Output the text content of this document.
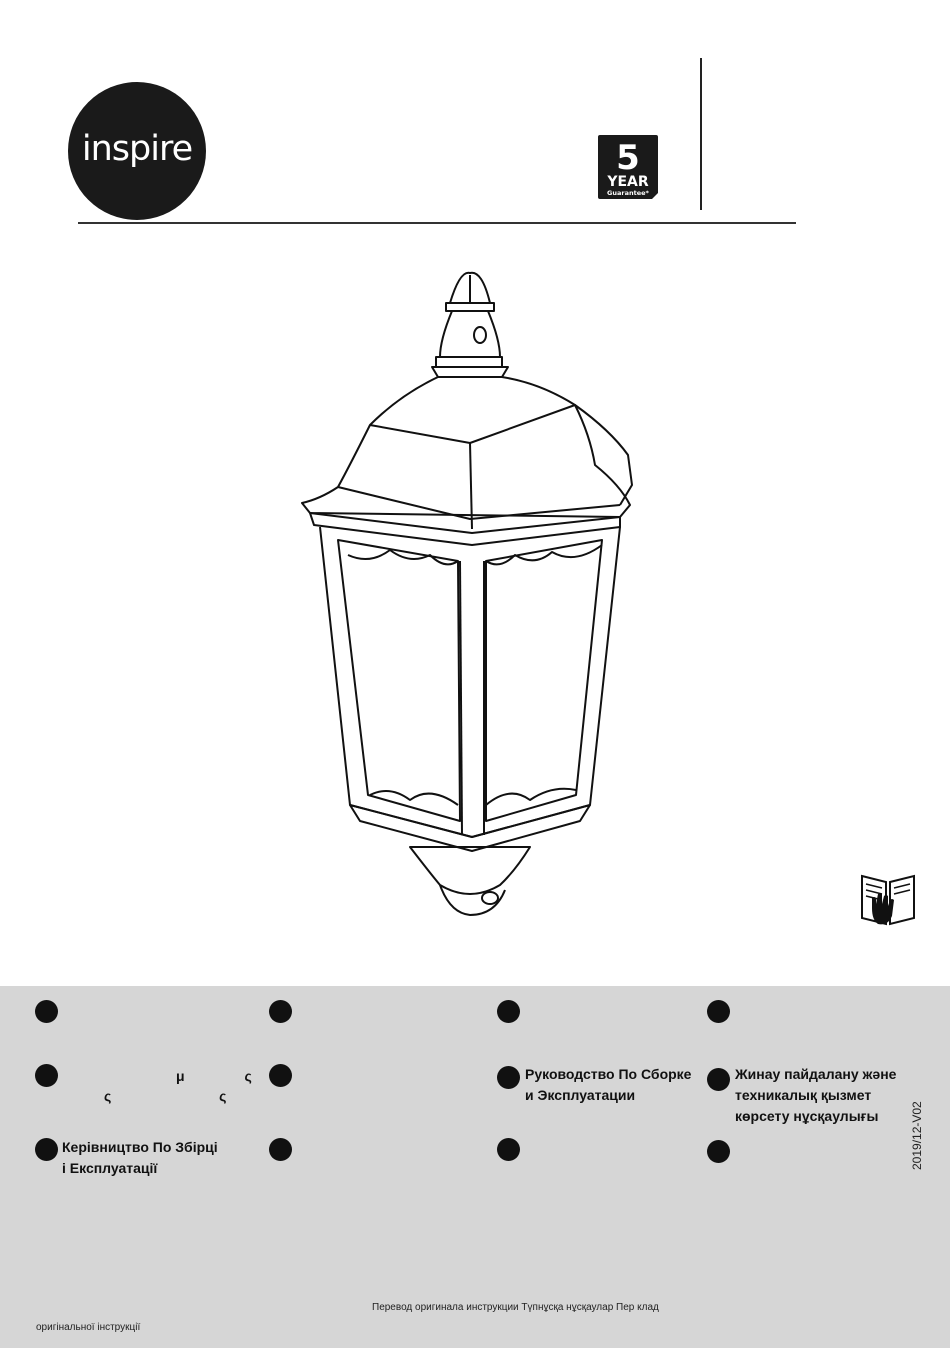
inspire	5
YEAR
Guarantee*
μ ς
ς ς
Руководство По Сборке
и Эксплуатации
Жинау пайдалану және
техникалық қызмет
көрсету нұсқаулығы
Керівництво По Збірці
і Експлуатації	2019/12-V02
Перевод оригинала инструкции Түпнұсқа нұсқаулар Пер клад
оригінальної інструкції
